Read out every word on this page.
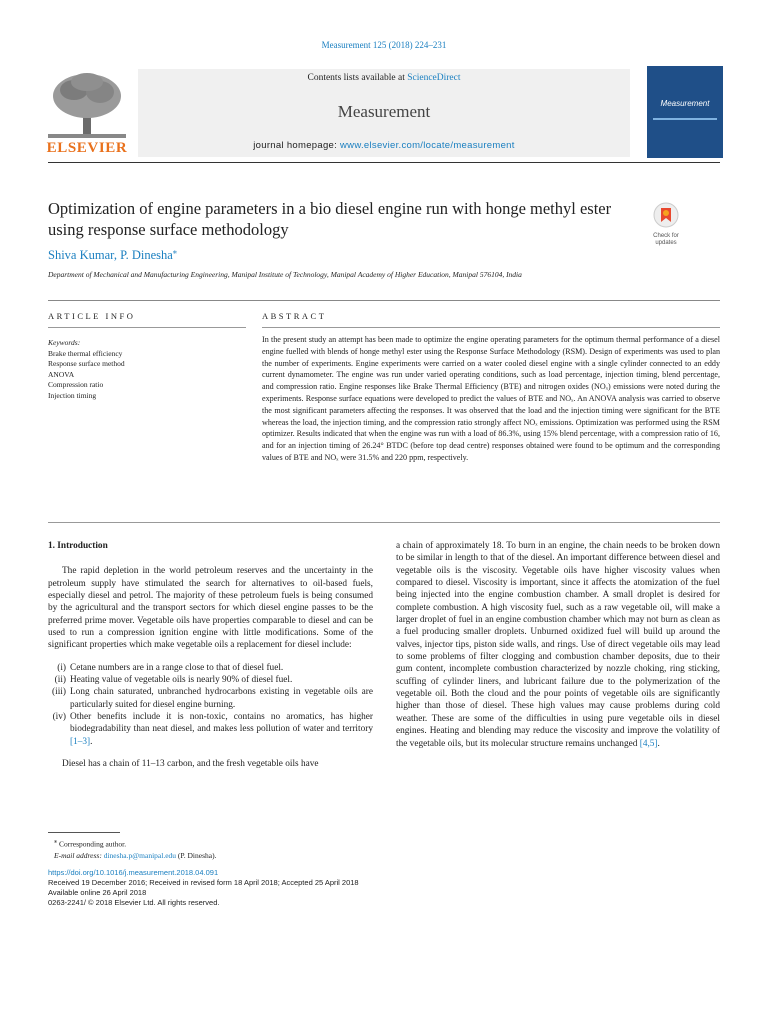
Measurement 125 (2018) 224–231
ELSEVIER
Contents lists available at ScienceDirect
Measurement
journal homepage: www.elsevier.com/locate/measurement
Measurement
Optimization of engine parameters in a bio diesel engine run with honge methyl ester using response surface methodology	Check for updates
Shiva Kumar, P. Dinesha⁎
Department of Mechanical and Manufacturing Engineering, Manipal Institute of Technology, Manipal Academy of Higher Education, Manipal 576104, India
ARTICLE INFO	ABSTRACT
Keywords:
Brake thermal efficiency
Response surface method
ANOVA
Compression ratio
Injection timing
In the present study an attempt has been made to optimize the engine operating parameters for the optimum thermal performance of a diesel engine fuelled with blends of honge methyl ester using the Response Surface Methodology (RSM). Design of experiments was used to plan the number of experiments. Engine experiments were carried on a water cooled diesel engine with a single cylinder connected to an eddy current dynamometer. The engine was run under varied operating conditions, such as load percentage, injection timing, blend percentage, and compression ratio. Engine responses like Brake Thermal Efficiency (BTE) and nitrogen oxides (NOₓ) emissions were noted during the experiments. Response surface equations were developed to predict the values of BTE and NOₓ. An ANOVA analysis was carried to observe the most significant parameters affecting the responses. It was observed that the load and the injection timing were significant for the BTE whereas the load, the injection timing, and the compression ratio strongly affect NOₓ emissions. Optimization was performed using the RSM optimizer. Results indicated that when the engine was run with a load of 86.3%, using 15% blend percentage, with a compression ratio of 16, and for an injection timing of 26.24° BTDC (before top dead centre) responses obtained were found to be optimum and the corresponding values of BTE and NOₓ were 31.5% and 220 ppm, respectively.
1. Introduction

The rapid depletion in the world petroleum reserves and the uncertainty in the petroleum supply have stimulated the search for alternatives to oil-based fuels, especially diesel and petrol. The majority of these petroleum fuels is being consumed by the agricultural and the transport sectors for which diesel engine passes to be the preferred prime mover. Vegetable oils have properties comparable to diesel and can be used to run a compression ignition engine with little modifications. Some of the significant properties which make vegetable oils a replacement for diesel include:

(i) Cetane numbers are in a range close to that of diesel fuel.
(ii) Heating value of vegetable oils is nearly 90% of diesel fuel.
(iii) Long chain saturated, unbranched hydrocarbons existing in vegetable oils are particularly suited for diesel engine burning.
(iv) Other benefits include it is non-toxic, contains no aromatics, has higher biodegradability than neat diesel, and makes less pollution of water and territory [1–3].

Diesel has a chain of 11–13 carbon, and the fresh vegetable oils have

a chain of approximately 18. To burn in an engine, the chain needs to be broken down to be similar in length to that of the diesel. An important difference between diesel and vegetable oils is the viscosity. Vegetable oils have higher viscosity values when compared to diesel. Viscosity is important, since it affects the atomization of the fuel being injected into the engine combustion chamber. A small droplet is desired for complete combustion. A high viscosity fuel, such as a raw vegetable oil, will make a larger droplet of fuel in an engine combustion chamber which may not burn as clean as a fuel producing smaller droplets. Unburned oxidized fuel will build up around the valves, injector tips, piston side walls, and rings. Use of direct vegetable oils may lead to some problems of filter clogging and combustion chamber deposits, due to their gum content, incomplete combustion characterized by nozzle choking, ring sticking, scuffing of cylinder liners, and lubricant failure due to the polymerization of the vegetable oil. Both the cloud and the pour points of vegetable oils are significantly higher than those of diesel. These high values may cause problems during cold weather. These are some of the difficulties in using pure vegetable oils in diesel engines. Heating and blending may reduce the viscosity and improve the volatility of the vegetable oils, but its molecular structure remains unchanged [4,5].

⁎ Corresponding author.
E-mail address: dinesha.p@manipal.edu (P. Dinesha).
https://doi.org/10.1016/j.measurement.2018.04.091
Received 19 December 2016; Received in revised form 18 April 2018; Accepted 25 April 2018
Available online 26 April 2018
0263-2241/ © 2018 Elsevier Ltd. All rights reserved.
